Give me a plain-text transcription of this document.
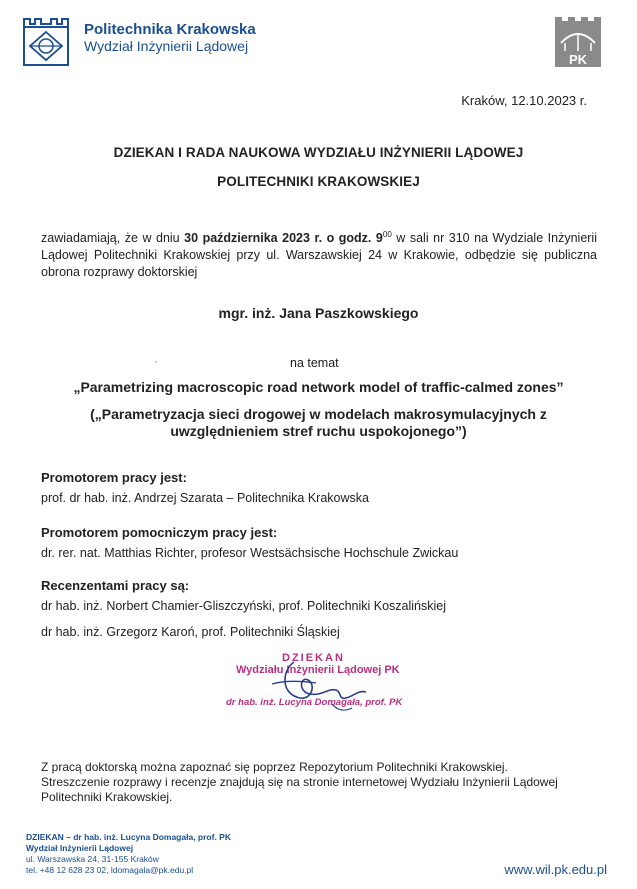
Politechnika Krakowska
Wydział Inżynierii Lądowej
PK
Kraków, 12.10.2023 r.
DZIEKAN I RADA NAUKOWA WYDZIAŁU INŻYNIERII LĄDOWEJ
POLITECHNIKI KRAKOWSKIEJ
zawiadamiają, że w dniu 30 października 2023 r. o godz. $9^{00}$ w sali nr 310 na Wydziale Inżynierii Lądowej Politechniki Krakowskiej przy ul. Warszawskiej 24 w Krakowie, odbędzie się publiczna obrona rozprawy doktorskiej
mgr. inż. Jana Paszkowskiego
na temat
„Parametrizing macroscopic road network model of traffic-calmed zones”
(„Parametryzacja sieci drogowej w modelach makrosymulacyjnych z uwzględnieniem stref ruchu uspokojonego”)
Promotorem pracy jest:
prof. dr hab. inż. Andrzej Szarata – Politechnika Krakowska
Promotorem pomocniczym pracy jest:
dr. rer. nat. Matthias Richter, profesor Westsächsische Hochschule Zwickau
Recenzentami pracy są:
dr hab. inż. Norbert Chamier-Gliszczyński, prof. Politechniki Koszalińskiej
dr hab. inż. Grzegorz Karoń, prof. Politechniki Śląskiej
DZIEKAN
Wydziału Inżynierii Lądowej PK
dr hab. inż. Lucyna Domagała, prof. PK
Z pracą doktorską można zapoznać się poprzez Repozytorium Politechniki Krakowskiej.
Streszczenie rozprawy i recenzje znajdują się na stronie internetowej Wydziału Inżynierii Lądowej Politechniki Krakowskiej.
DZIEKAN – dr hab. inż. Lucyna Domagała, prof. PK
Wydział Inżynierii Lądowej
ul. Warszawska 24, 31-155 Kraków
tel. +48 12 628 23 02, ldomagala@pk.edu.pl	www.wil.pk.edu.pl
